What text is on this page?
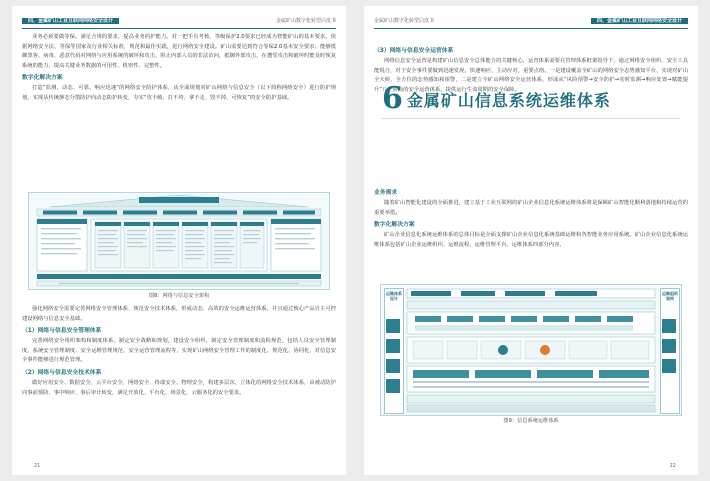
四、金属矿山工业互联网网络安全设计	金属矿山数字化转型白皮书

业务必须要做等保。满足合规的要求，提高业务的护能力。对一把手有考核，等级保护2.0要求已经成为智能矿山的基本要求。依据网络安全法、等保等国家及行业相关标准，规范和最佳实践，进行网络安全建设。矿山需要达到符合等保2.0基本安全要求；能够抵御黑客、病毒、恶意代码对网络与应用系统的破坏和攻击，阻止内部人员的非法访问，抵御外部攻击，在遭受攻击和破坏时能及时恢复系统的能力，提高关键业务数据的可用性、机密性、完整性。

数字化解决方案

打造“监测、动态、可靠、响应迅速”的网络安全防护体系，从全面规划对矿山网络与信息安全（以下简称网络安全）进行防护规划，实现从传统静态分散防护向动态防护转变，夯实“攻不破、打不垮、拿不走、毁不掉、可恢复”的安全防护基础。

图8：网络与信息安全架构

强化网络安全需要完善网络安全管理体系、规范安全技术体系，形成动态、高效的安全运维运营体系，并且通过核心产品自主可控建设网络与信息安全基础。

（1）网络与信息安全管理体系

完善网络安全组织架构和制度体系，制定安全战略和规划，建设安全组织，制定安全管理制度和流程规范，包括人员安全管理制度、系统安全管理制度、安全运维管理规范、安全运营管理流程等，实现矿山网络安全管理工作的制度化、规范化、协同化，对信息安全事件能够进行规范管理。

（2）网络与信息安全技术体系

做好应用安全、数据安全、云平台安全、网络安全、终端安全、物理安全，构建多层次、立体化的网络安全技术体系，由被动防护向事前预防、事中响应、事后审计转变，满足开放化、平台化、场景化、云服务化的安全要求。

21
金属矿山数字化转型白皮书	四、金属矿山工业互联网网络安全设计
（3）网络与信息安全运营体系

网络信息安全运营是构建矿山信息安全总体能力的关键核心，运营体系需要在管理体系框架指导下，通过网络安全组织、安全工具能锐合，对于安全事件要做到迅速发现，快速响应，主动应对，重要点络。一是建设覆盖全矿山的网络安全态势感知平台，实现对矿山全天候、全方位的态势感知和预警，二是建立全矿山网络安全运营体系，形成从“风险预警→安全防护→实时监测→响应处置→赋能提升”八个阶段的安全运营体系，提供运行生命周期的安全保障。

6 金属矿山信息系统运维体系
业务需求

随着矿山智能化建设的全面推进，建立基于工业互联网的矿山企业信息化系统运维体系将是保障矿山智能化顺利落地和持续运营的重要举措。

数字化解决方案

矿山企业信息化系统运维体系的总体目标是全面支撑矿山企业信息化系统基础运维和各智能业务应用系统。矿山企业信息化系统运维体系包括矿山企业运维组织、运维流程、运维管理平台、运维体系四部分内容。

运维体系设计
运维组织架构
图9：信息系统运维体系
22
